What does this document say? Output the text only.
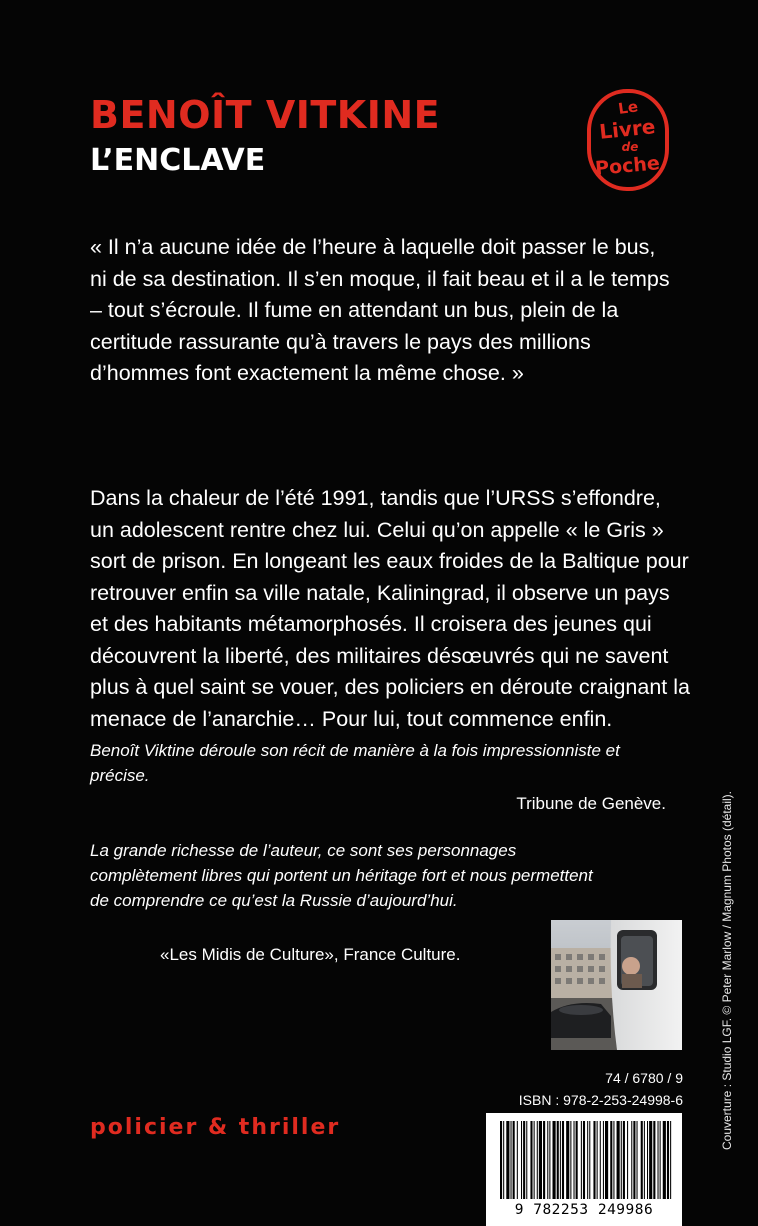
BENOÎT VITKINE
L’ENCLAVE
Le
Livre
de
Poche

« Il n’a aucune idée de l’heure à laquelle doit passer le bus, ni de sa destination. Il s’en moque, il fait beau et il a le temps – tout s’écroule. Il fume en attendant un bus, plein de la certitude rassurante qu’à travers le pays des millions d’hommes font exactement la même chose. »

Dans la chaleur de l’été 1991, tandis que l’URSS s’effondre, un adolescent rentre chez lui. Celui qu’on appelle « le Gris » sort de prison. En longeant les eaux froides de la Baltique pour retrouver enfin sa ville natale, Kaliningrad, il observe un pays et des habitants métamorphosés. Il croisera des jeunes qui découvrent la liberté, des militaires désœuvrés qui ne savent plus à quel saint se vouer, des policiers en déroute craignant la menace de l’anarchie… Pour lui, tout commence enfin.

Benoît Viktine déroule son récit de manière à la fois impressionniste et précise.

Tribune de Genève.

La grande richesse de l’auteur, ce sont ses personnages complètement libres qui portent un héritage fort et nous permettent de comprendre ce qu’est la Russie d’aujourd’hui.

«Les Midis de Culture», France Culture.

74 / 6780 / 9
ISBN : 978-2-253-24998-6

policier & thriller

9 782253 249986

Couverture : Studio LGF. © Peter Marlow / Magnum Photos (détail).
